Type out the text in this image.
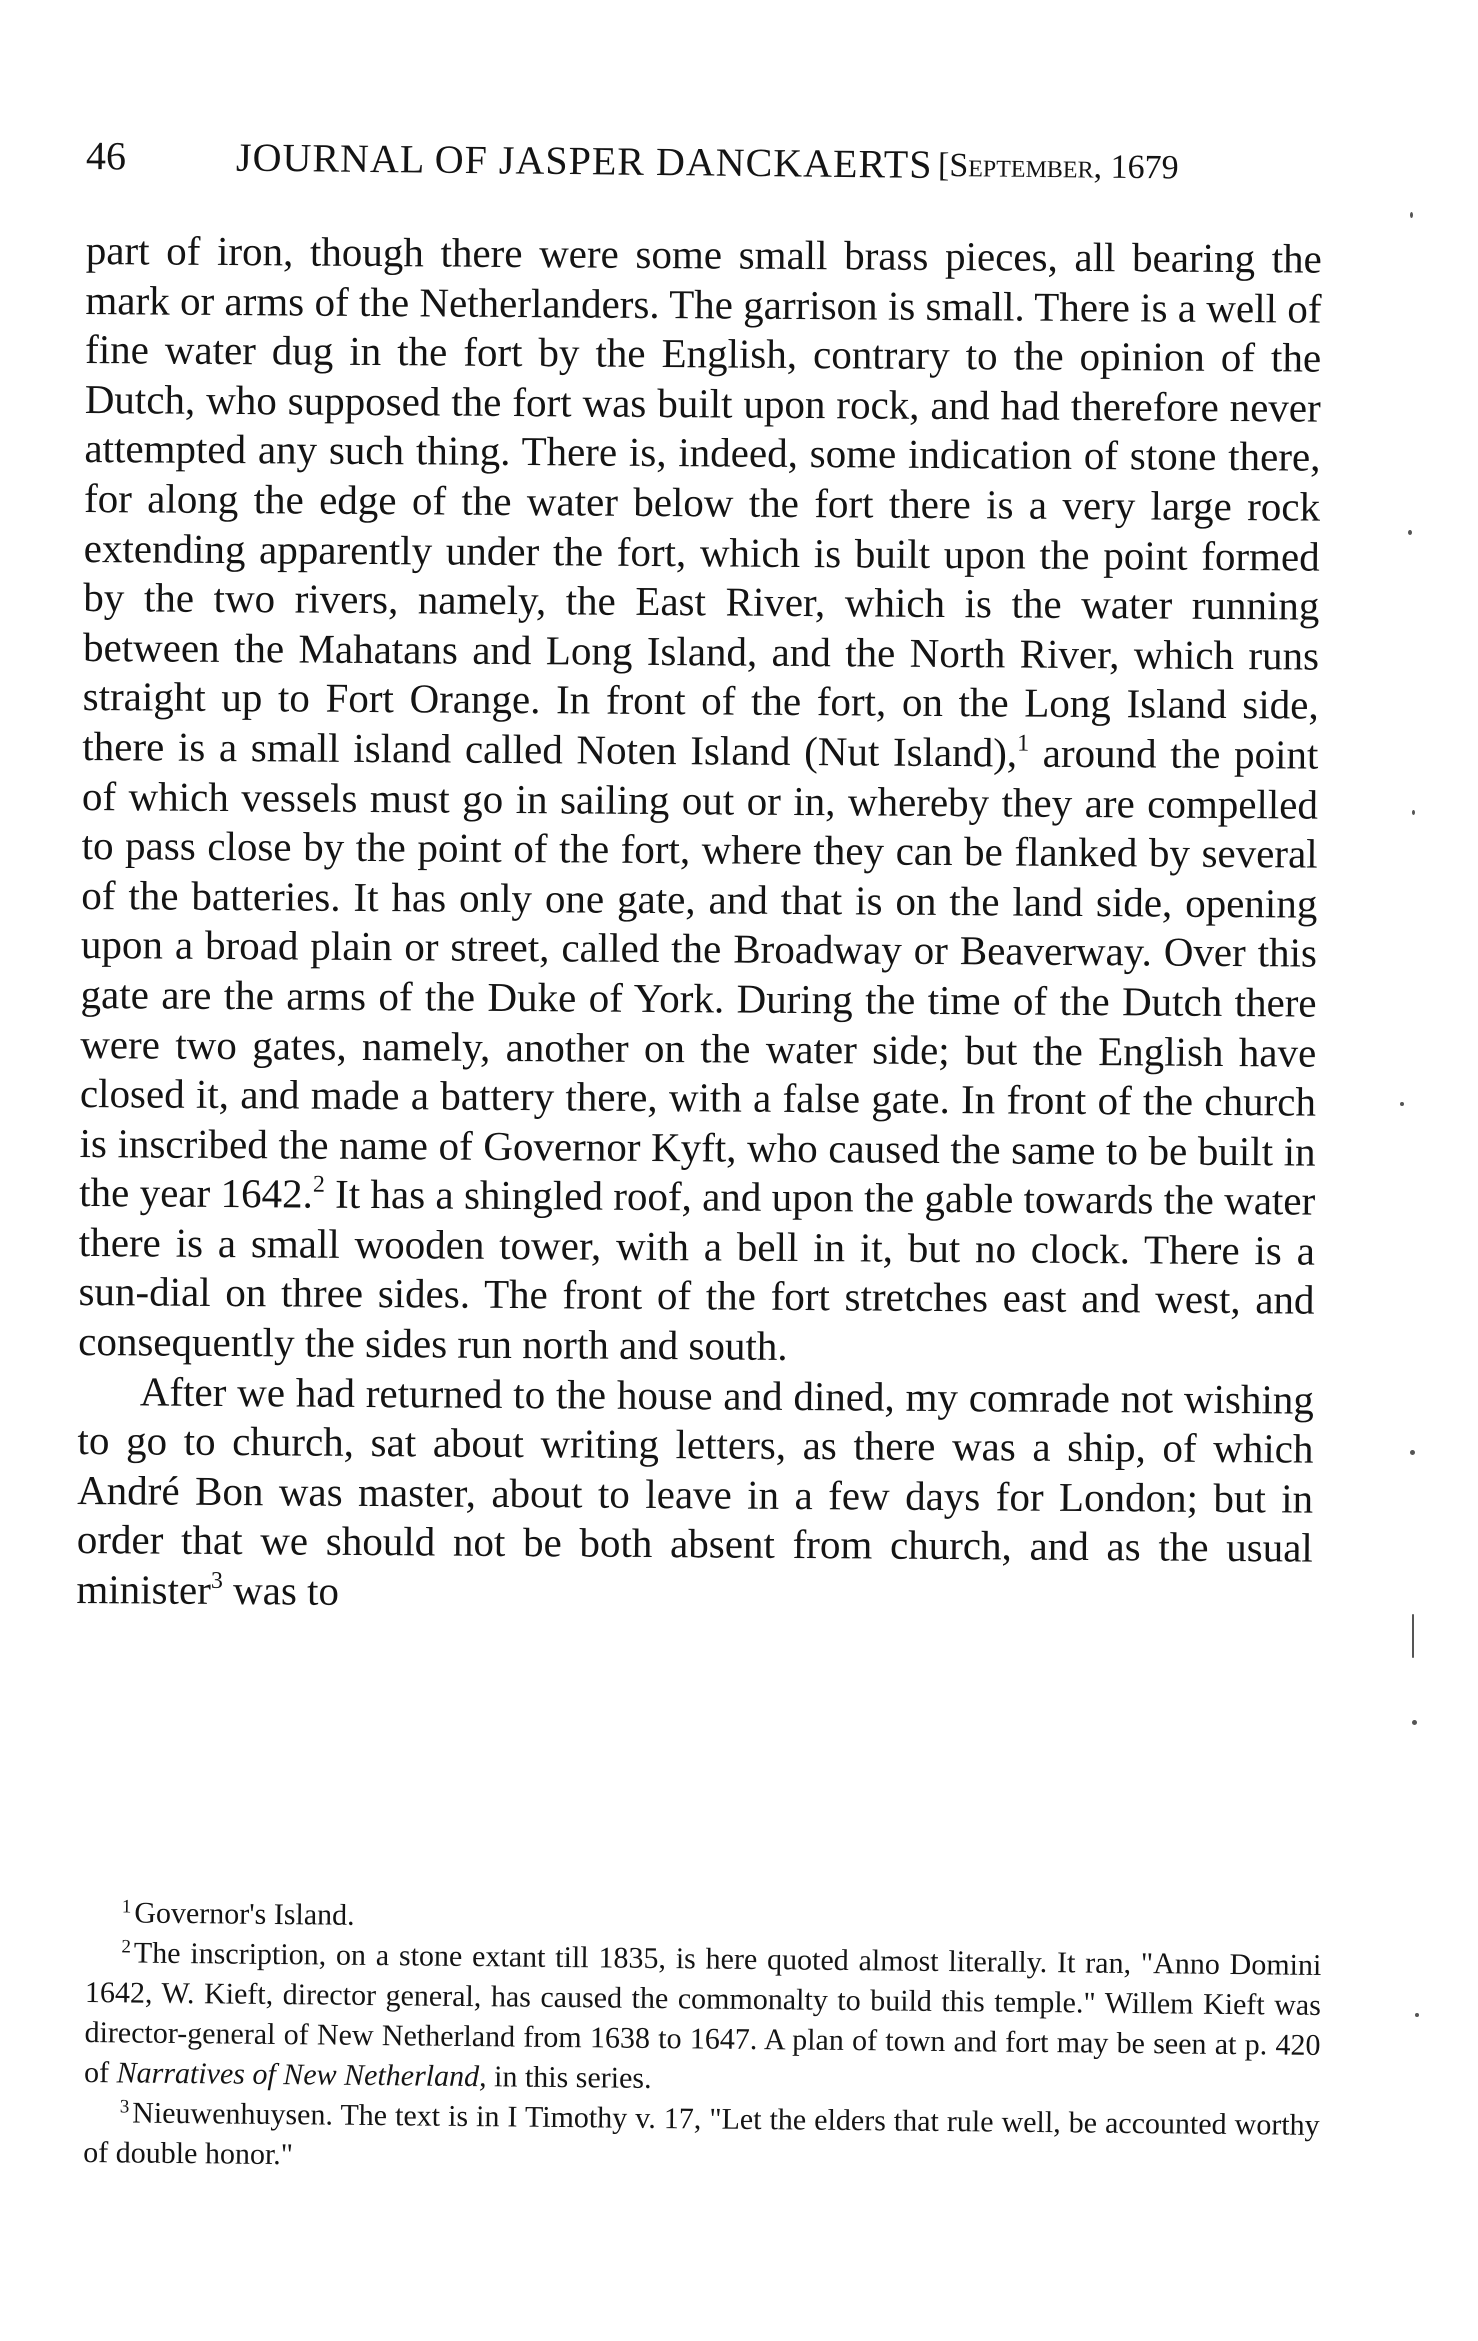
46	JOURNAL OF JASPER DANCKAERTS [September, 1679

part of iron, though there were some small brass pieces, all bearing the mark or arms of the Netherlanders. The garrison is small. There is a well of fine water dug in the fort by the English, contrary to the opinion of the Dutch, who supposed the fort was built upon rock, and had therefore never attempted any such thing. There is, indeed, some indication of stone there, for along the edge of the water below the fort there is a very large rock extending apparently under the fort, which is built upon the point formed by the two rivers, namely, the East River, which is the water running between the Mahatans and Long Island, and the North River, which runs straight up to Fort Orange. In front of the fort, on the Long Island side, there is a small island called Noten Island (Nut Island),$^1$ around the point of which vessels must go in sailing out or in, whereby they are compelled to pass close by the point of the fort, where they can be flanked by several of the batteries. It has only one gate, and that is on the land side, opening upon a broad plain or street, called the Broadway or Beaverway. Over this gate are the arms of the Duke of York. During the time of the Dutch there were two gates, namely, another on the water side; but the English have closed it, and made a battery there, with a false gate. In front of the church is inscribed the name of Governor Kyft, who caused the same to be built in the year 1642.$^2$ It has a shingled roof, and upon the gable towards the water there is a small wooden tower, with a bell in it, but no clock. There is a sun-dial on three sides. The front of the fort stretches east and west, and consequently the sides run north and south.

After we had returned to the house and dined, my comrade not wishing to go to church, sat about writing letters, as there was a ship, of which André Bon was master, about to leave in a few days for London; but in order that we should not be both absent from church, and as the usual minister$^3$ was to

$^1$Governor's Island.

$^2$The inscription, on a stone extant till 1835, is here quoted almost literally. It ran, "Anno Domini 1642, W. Kieft, director general, has caused the commonalty to build this temple." Willem Kieft was director-general of New Netherland from 1638 to 1647. A plan of town and fort may be seen at p. 420 of Narratives of New Netherland, in this series.

$^3$Nieuwenhuysen. The text is in I Timothy v. 17, "Let the elders that rule well, be accounted worthy of double honor."
